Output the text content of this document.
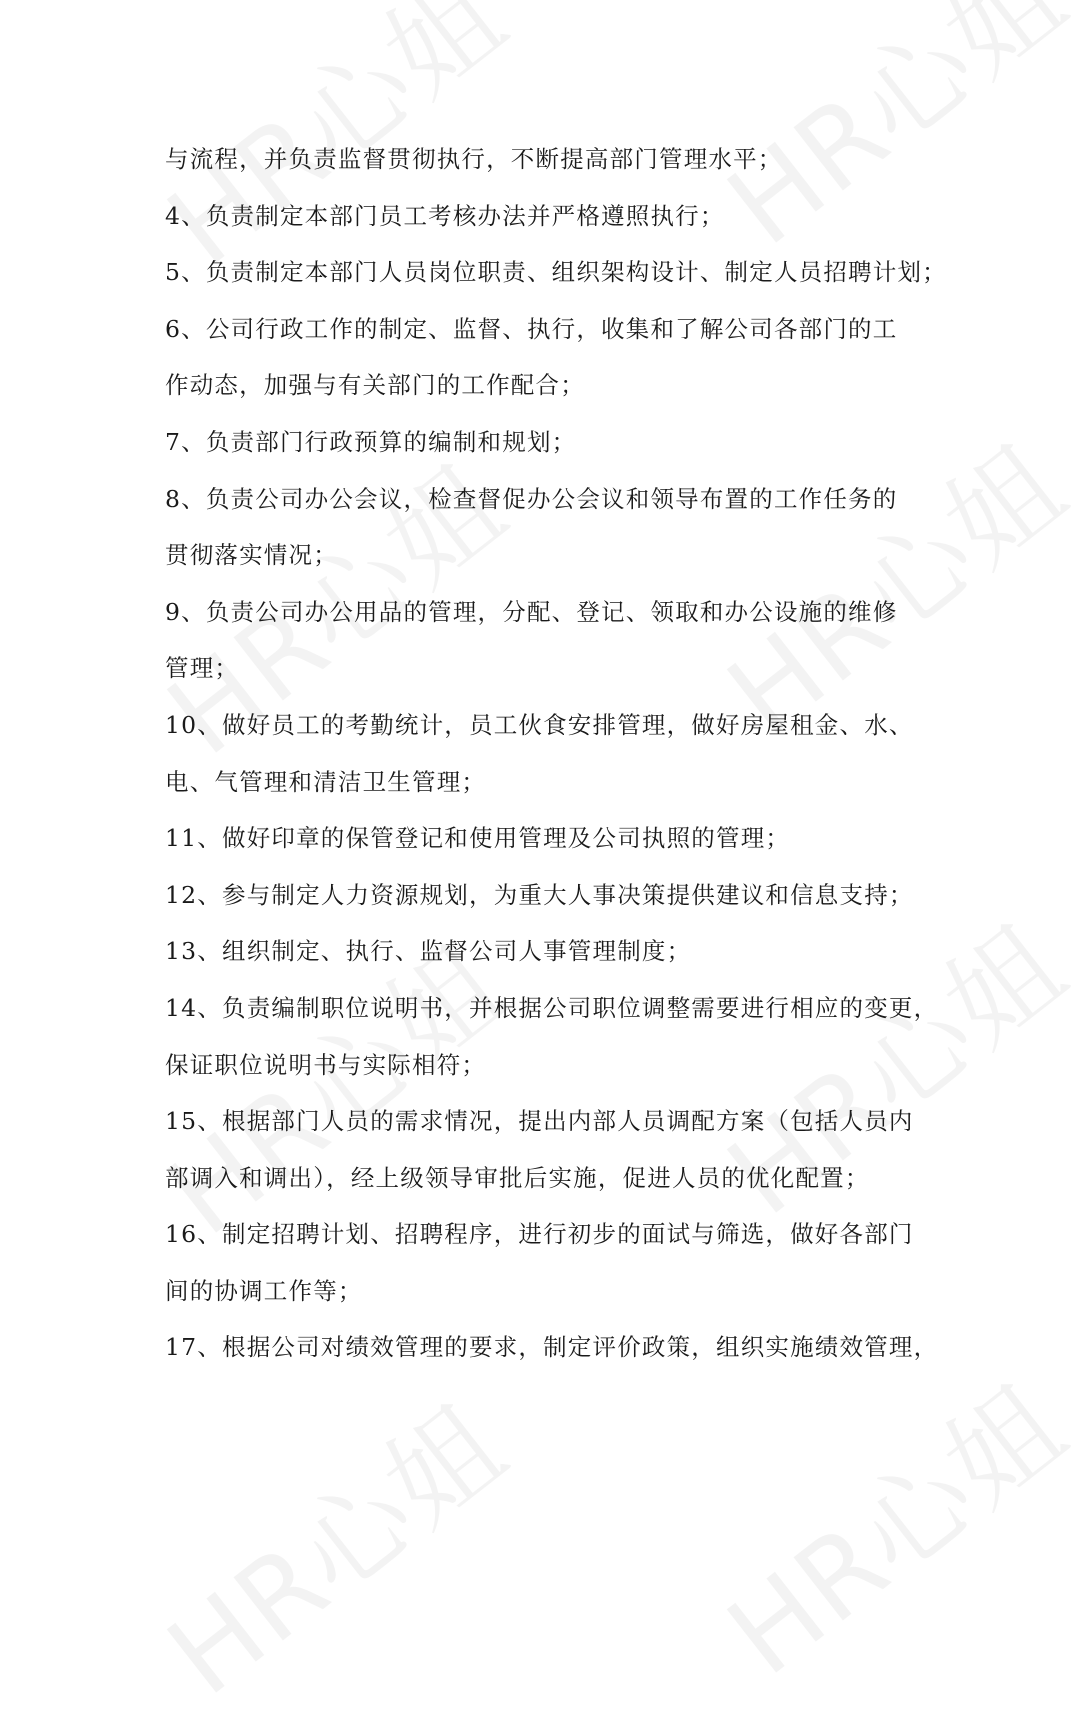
与流程，并负责监督贯彻执行，不断提高部门管理水平；
4、负责制定本部门员工考核办法并严格遵照执行；
5、负责制定本部门人员岗位职责、组织架构设计、制定人员招聘计划；
6、公司行政工作的制定、监督、执行，收集和了解公司各部门的工
作动态，加强与有关部门的工作配合；
7、负责部门行政预算的编制和规划；
8、负责公司办公会议，检查督促办公会议和领导布置的工作任务的
贯彻落实情况；
9、负责公司办公用品的管理，分配、登记、领取和办公设施的维修
管理；
10、做好员工的考勤统计，员工伙食安排管理，做好房屋租金、水、
电、气管理和清洁卫生管理；
11、做好印章的保管登记和使用管理及公司执照的管理；
12、参与制定人力资源规划，为重大人事决策提供建议和信息支持；
13、组织制定、执行、监督公司人事管理制度；
14、负责编制职位说明书，并根据公司职位调整需要进行相应的变更，
保证职位说明书与实际相符；
15、根据部门人员的需求情况，提出内部人员调配方案（包括人员内
部调入和调出），经上级领导审批后实施，促进人员的优化配置；
16、制定招聘计划、招聘程序，进行初步的面试与筛选，做好各部门
间的协调工作等；
17、根据公司对绩效管理的要求，制定评价政策，组织实施绩效管理，
